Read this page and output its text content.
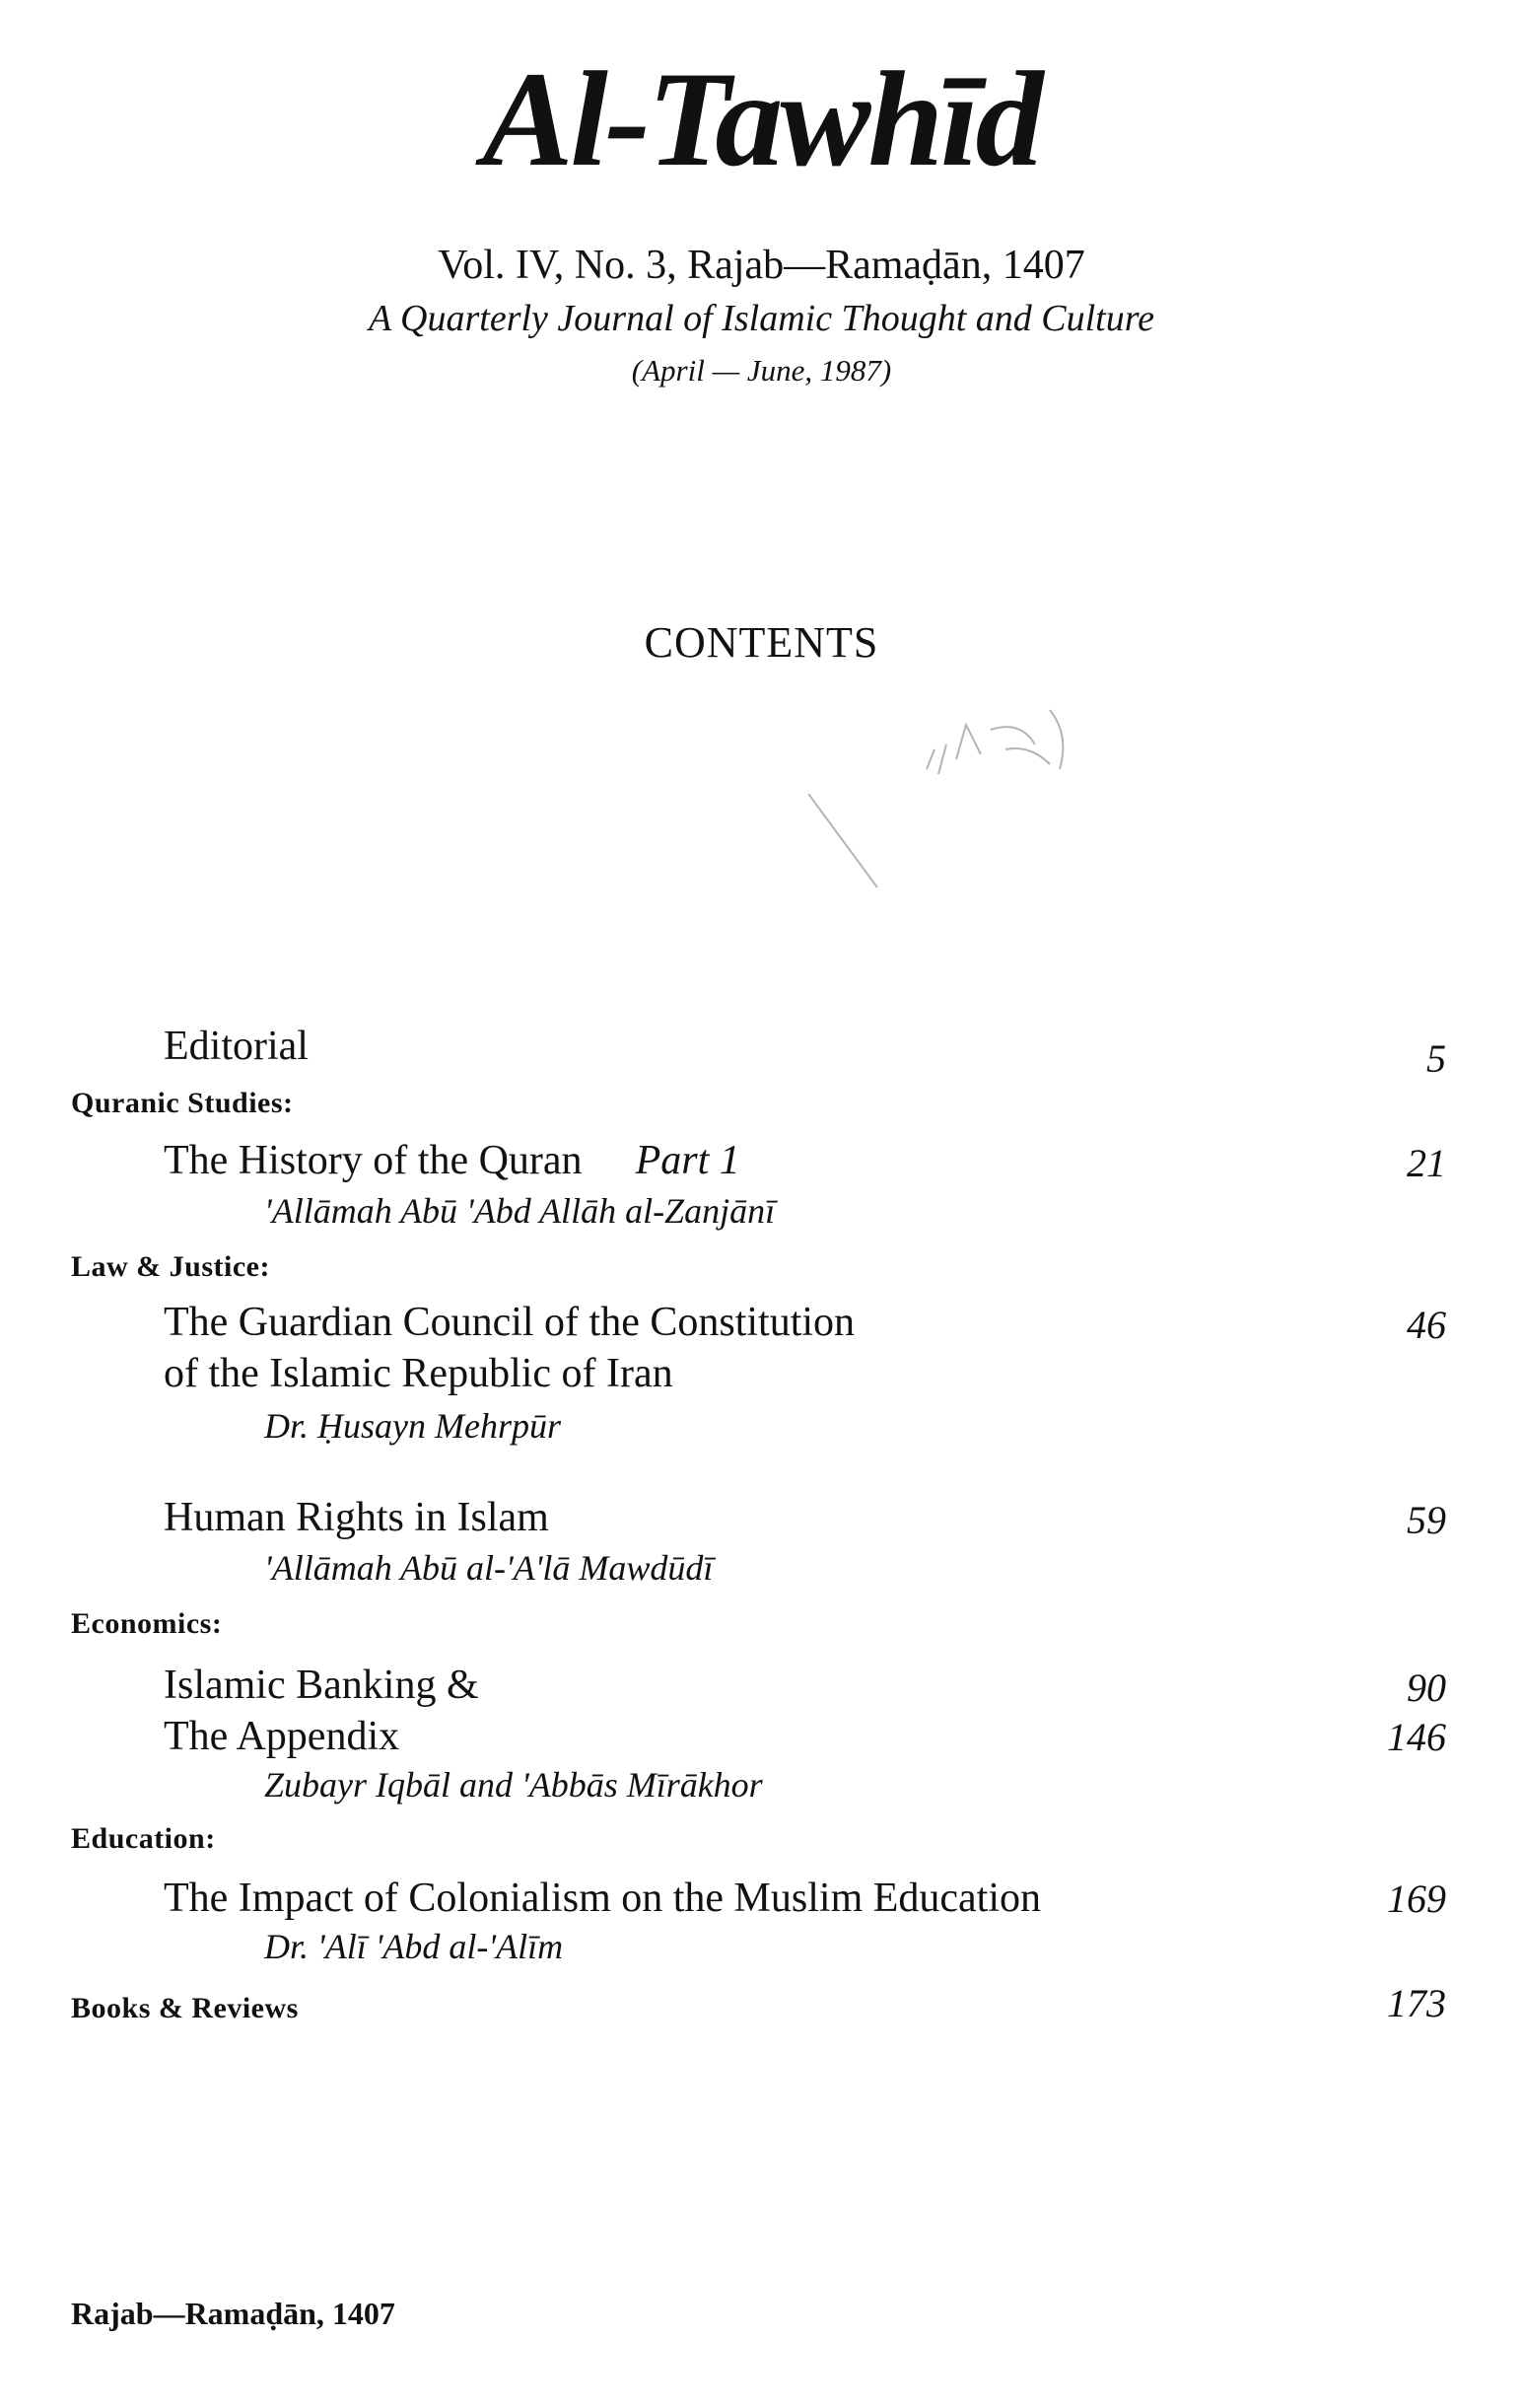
Al-Tawhīd
Vol. IV, No. 3, Rajab—Ramaḍān, 1407
A Quarterly Journal of Islamic Thought and Culture
(April — June, 1987)
CONTENTS
Editorial	5
Quranic Studies:
The History of the Quran Part 1	21
'Allāmah Abū 'Abd Allāh al-Zanjānī
Law & Justice:
The Guardian Council of the Constitution	46
of the Islamic Republic of Iran
Dr. Ḥusayn Mehrpūr
Human Rights in Islam	59
'Allāmah Abū al-'A'lā Mawdūdī
Economics:
Islamic Banking &	90
The Appendix	146
Zubayr Iqbāl and 'Abbās Mīrākhor
Education:
The Impact of Colonialism on the Muslim Education	169
Dr. 'Alī 'Abd al-'Alīm
Books & Reviews	173
Rajab—Ramaḍān, 1407
